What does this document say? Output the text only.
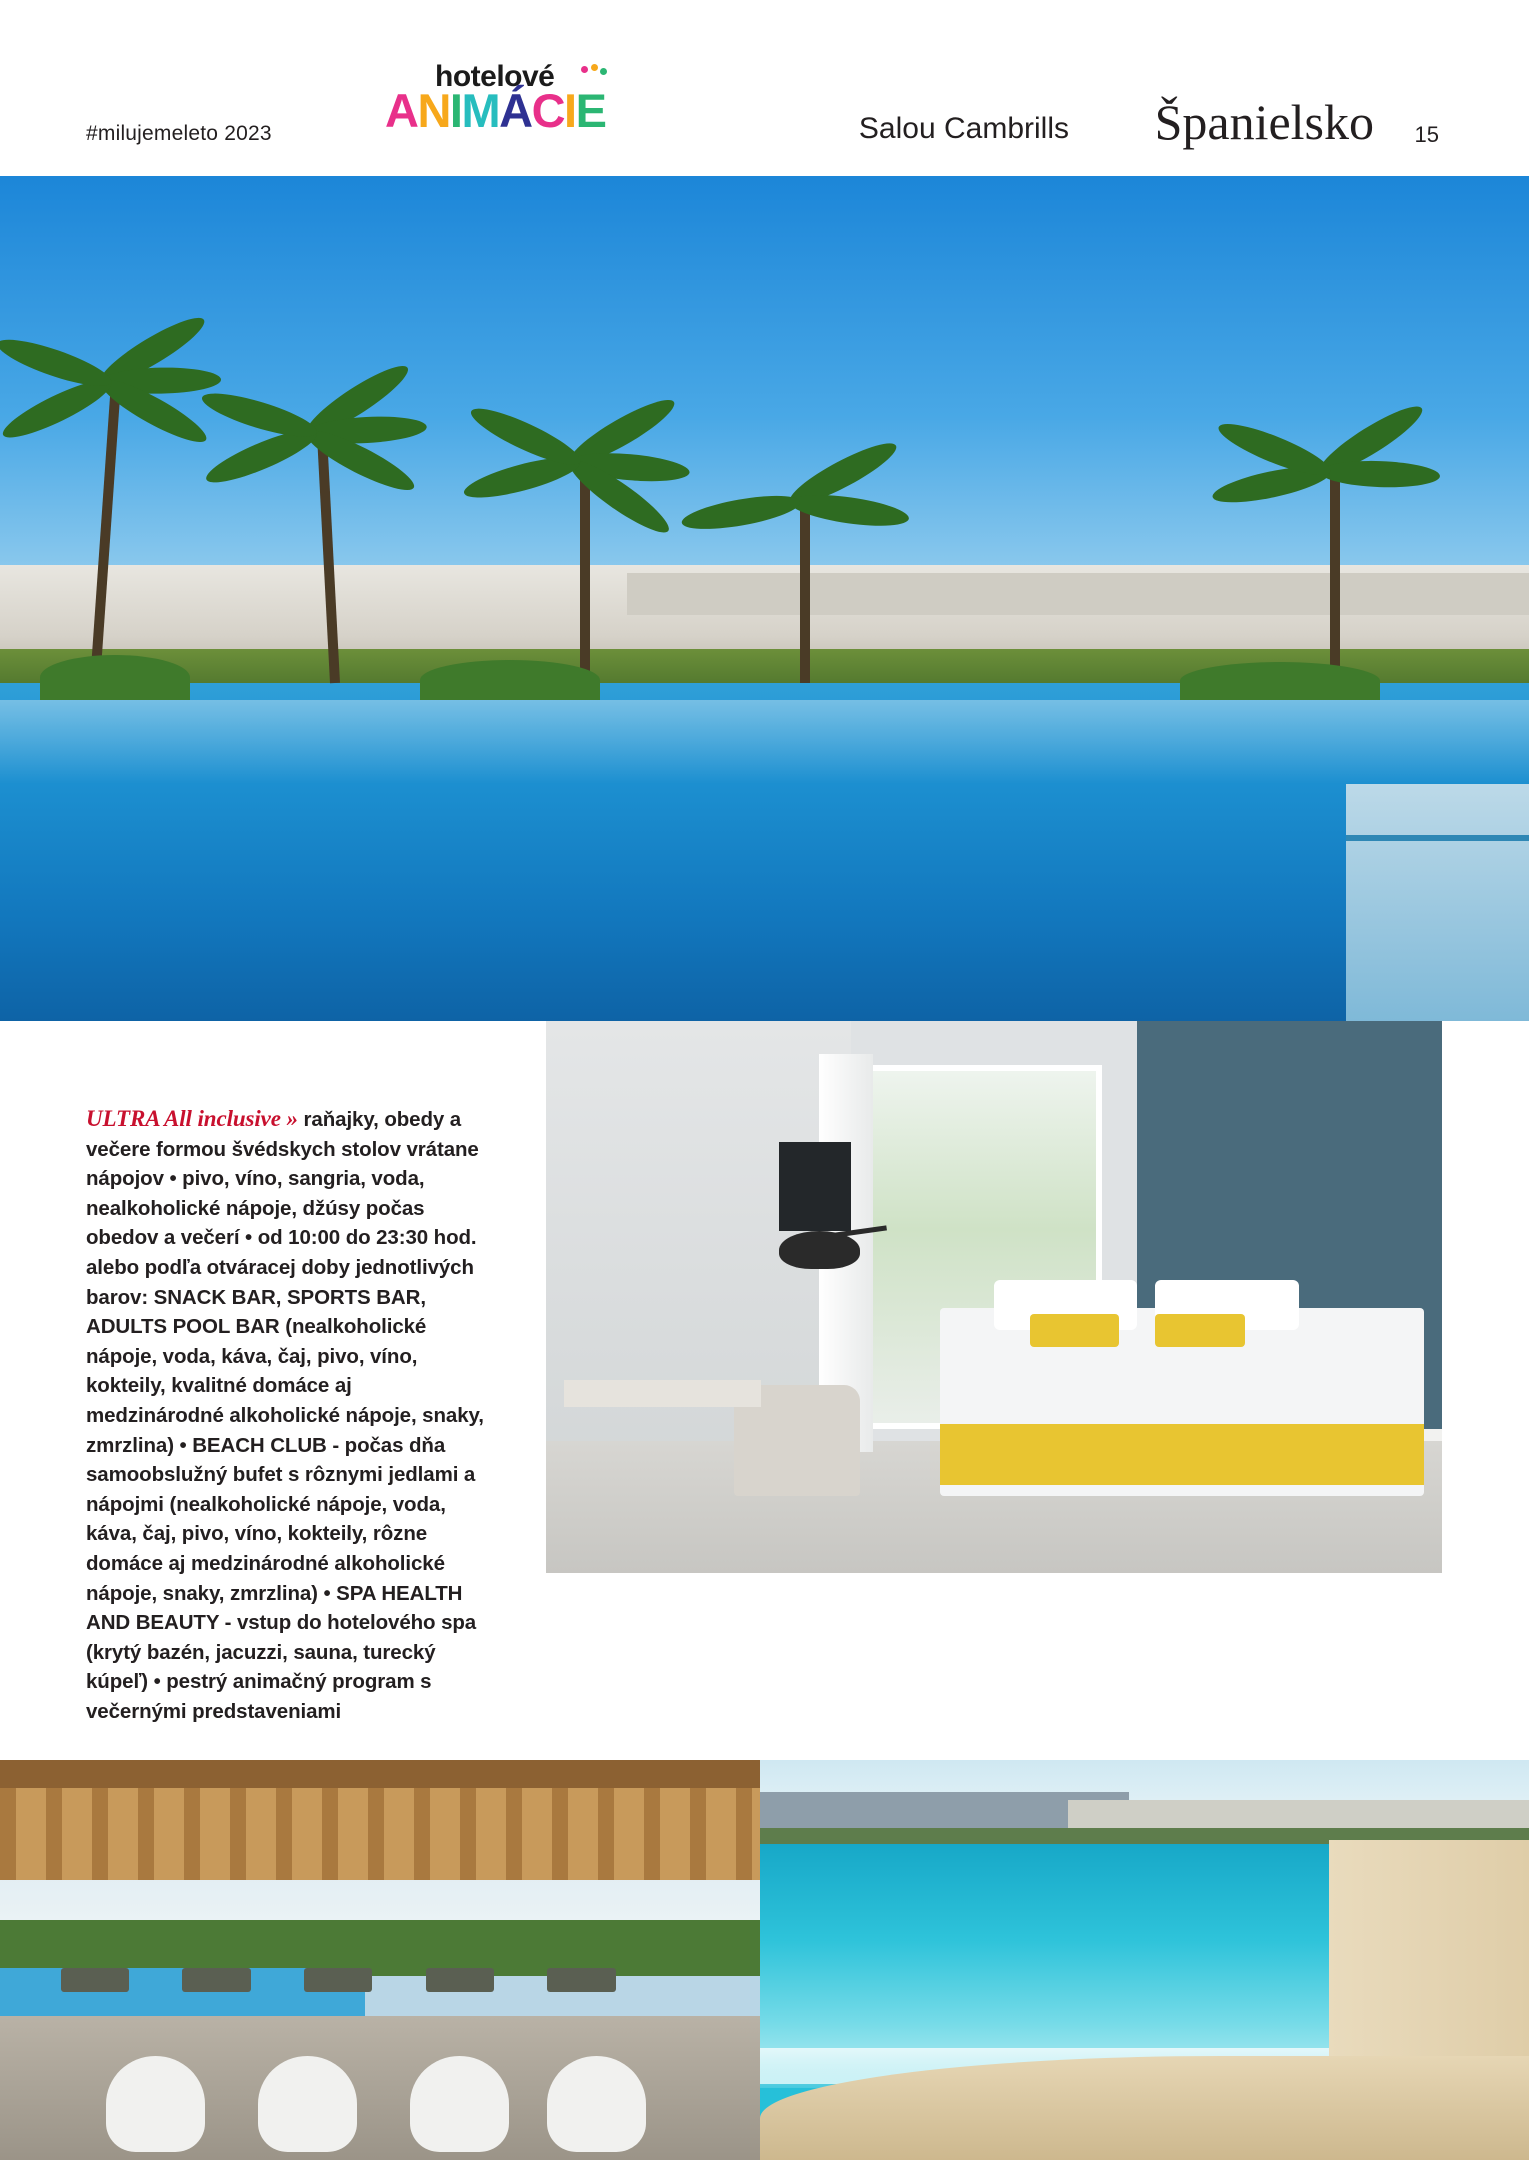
#milujemeleto 2023
hotelové
ANIMÁCIE	Salou Cambrills Španielsko 15
ULTRA All inclusive » raňajky, obedy a večere formou švédskych stolov vrátane nápojov • pivo, víno, sangria, voda, nealkoholické nápoje, džúsy počas obedov a večerí • od 10:00 do 23:30 hod. alebo podľa otváracej doby jednotlivých barov: SNACK BAR, SPORTS BAR, ADULTS POOL BAR (nealkoholické nápoje, voda, káva, čaj, pivo, víno, kokteily, kvalitné domáce aj medzinárodné alkoholické nápoje, snaky, zmrzlina) • BEACH CLUB - počas dňa samoobslužný bufet s rôznymi jedlami a nápojmi (nealkoholické nápoje, voda, káva, čaj, pivo, víno, kokteily, rôzne domáce aj medzinárodné alkoholické nápoje, snaky, zmrzlina) • SPA HEALTH AND BEAUTY - vstup do hotelového spa (krytý bazén, jacuzzi, sauna, turecký kúpeľ) • pestrý animačný program s večernými predstaveniami
